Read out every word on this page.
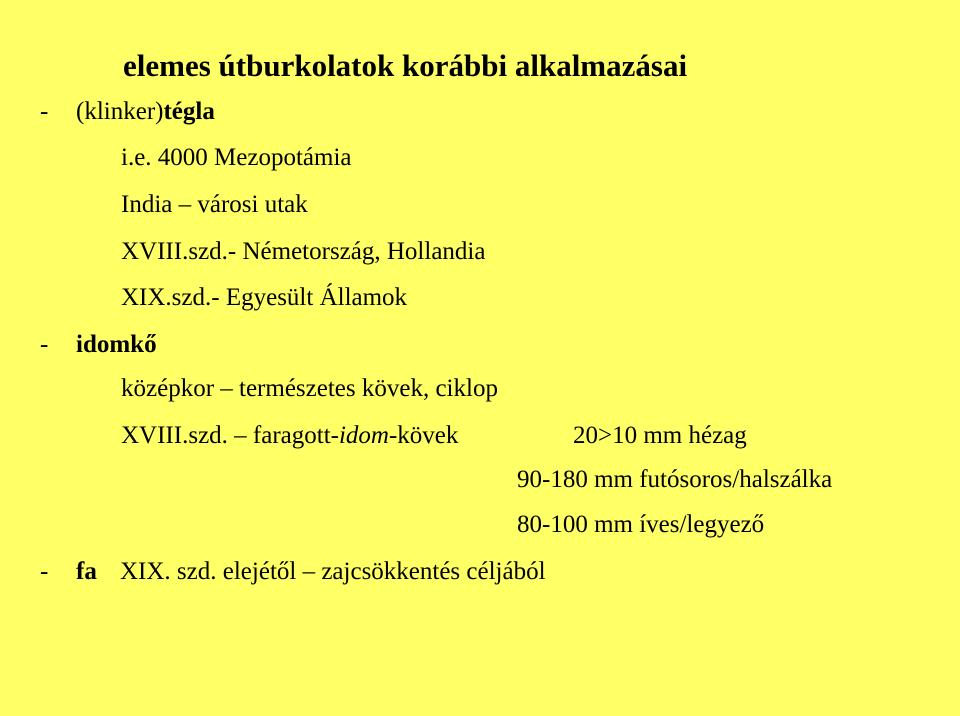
elemes útburkolatok korábbi alkalmazásai
- (klinker)tégla
i.e. 4000 Mezopotámia
India – városi utak
XVIII.szd.- Németország, Hollandia
XIX.szd.- Egyesült Államok
- idomkő
középkor – természetes kövek, ciklop
XVIII.szd. – faragott-idom-kövek	20>10 mm hézag
90-180 mm futósoros/halszálka
80-100 mm íves/legyező
- fa XIX. szd. elejétől – zajcsökkentés céljából
